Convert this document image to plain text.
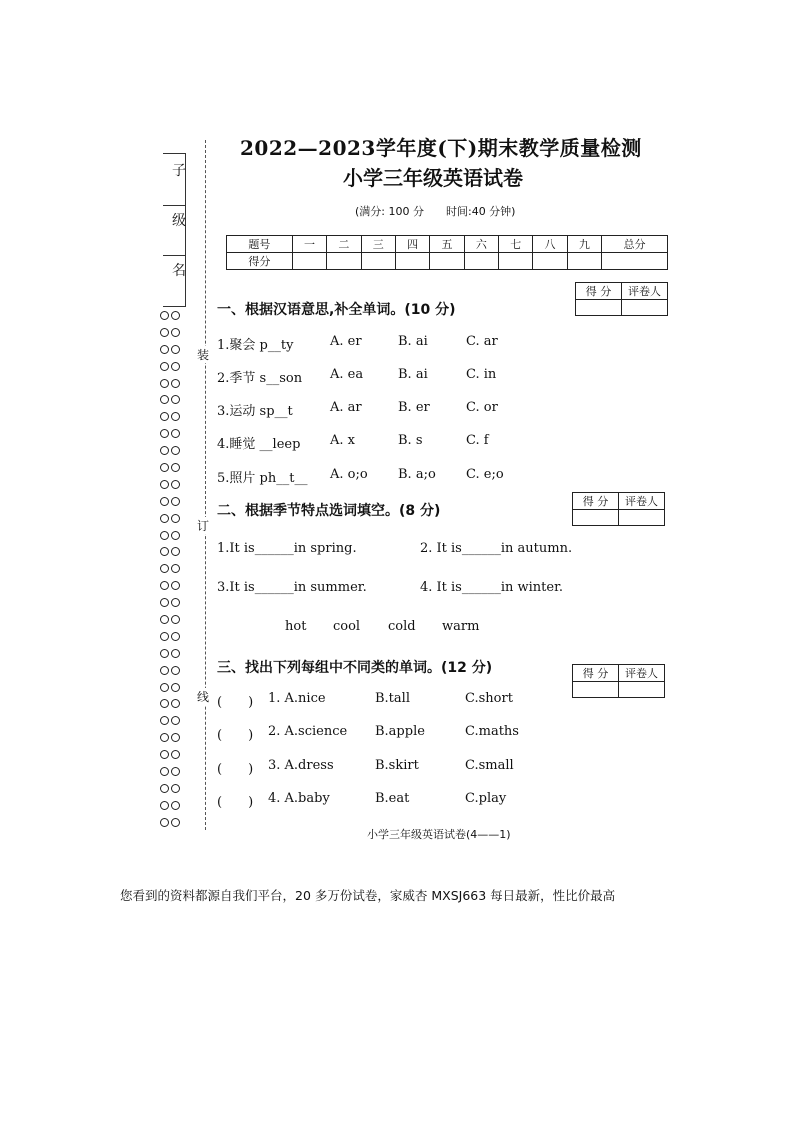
子
级
名
装
订
线
2022—2023学年度(下)期末教学质量检测
小学三年级英语试卷
(满分: 100 分　　时间:40 分钟)
题号	一	二	三	四	五	六	七	八	九	总分
得分										
得 分	评卷人

得 分	评卷人

得 分	评卷人

一、根据汉语意思,补全单词。(10 分)
1.聚会 p__ty	A. er	B. ai	C. ar
2.季节 s__son A. ea	B. ai	C. in
3.运动 sp__t	A. ar	B. er	C. or
4.睡觉 __leep A. x	B. s	C. f
5.照片 ph__t__ A. o;o B. a;o C. e;o
二、根据季节特点选词填空。(8 分)
1.It is______in spring.	2. It is______in autumn.
3.It is______in summer.	4. It is______in winter.
hot cool cold warm
三、找出下列每组中不同类的单词。(12 分)
(　　) 1. A.nice	B.tall	C.short
(　　) 2. A.science B.apple	C.maths
(　　) 3. A.dress	B.skirt	C.small
(　　) 4. A.baby	B.eat	C.play
小学三年级英语试卷(4——1)
您看到的资料都源自我们平台，20 多万份试卷，家威杏 MXSJ663 每日最新，性比价最高
